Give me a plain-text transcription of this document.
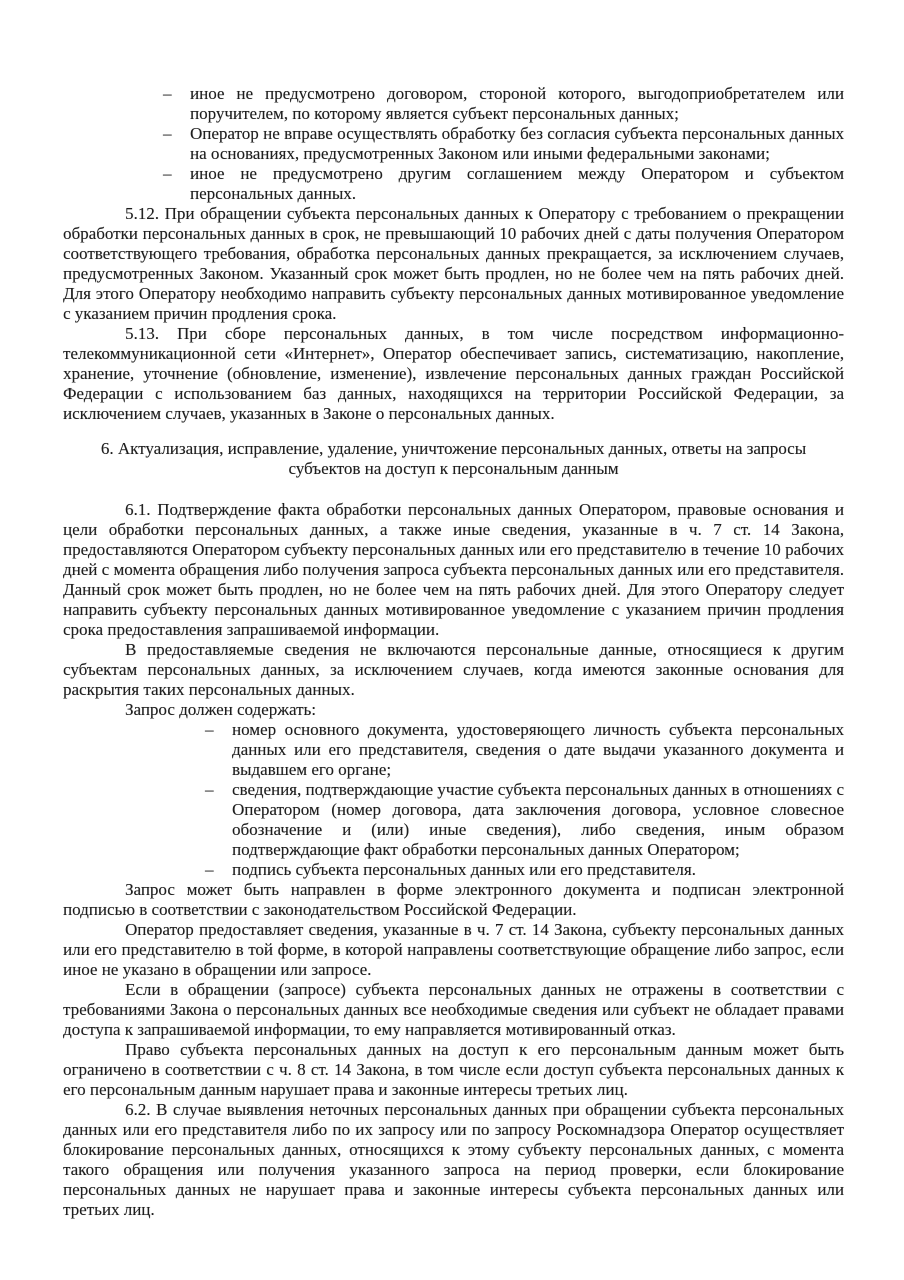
– иное не предусмотрено договором, стороной которого, выгодоприобретателем или поручителем, по которому является субъект персональных данных;
– Оператор не вправе осуществлять обработку без согласия субъекта персональных данных на основаниях, предусмотренных Законом или иными федеральными законами;
– иное не предусмотрено другим соглашением между Оператором и субъектом персональных данных.

5.12. При обращении субъекта персональных данных к Оператору с требованием о прекращении обработки персональных данных в срок, не превышающий 10 рабочих дней с даты получения Оператором соответствующего требования, обработка персональных данных прекращается, за исключением случаев, предусмотренных Законом. Указанный срок может быть продлен, но не более чем на пять рабочих дней. Для этого Оператору необходимо направить субъекту персональных данных мотивированное уведомление с указанием причин продления срока.

5.13. При сборе персональных данных, в том числе посредством информационно-телекоммуникационной сети «Интернет», Оператор обеспечивает запись, систематизацию, накопление, хранение, уточнение (обновление, изменение), извлечение персональных данных граждан Российской Федерации с использованием баз данных, находящихся на территории Российской Федерации, за исключением случаев, указанных в Законе о персональных данных.

6. Актуализация, исправление, удаление, уничтожение персональных данных, ответы на запросы
субъектов на доступ к персональным данным

6.1. Подтверждение факта обработки персональных данных Оператором, правовые основания и цели обработки персональных данных, а также иные сведения, указанные в ч. 7 ст. 14 Закона, предоставляются Оператором субъекту персональных данных или его представителю в течение 10 рабочих дней с момента обращения либо получения запроса субъекта персональных данных или его представителя. Данный срок может быть продлен, но не более чем на пять рабочих дней. Для этого Оператору следует направить субъекту персональных данных мотивированное уведомление с указанием причин продления срока предоставления запрашиваемой информации.

В предоставляемые сведения не включаются персональные данные, относящиеся к другим субъектам персональных данных, за исключением случаев, когда имеются законные основания для раскрытия таких персональных данных.

Запрос должен содержать:

– номер основного документа, удостоверяющего личность субъекта персональных данных или его представителя, сведения о дате выдачи указанного документа и выдавшем его органе;
– сведения, подтверждающие участие субъекта персональных данных в отношениях с Оператором (номер договора, дата заключения договора, условное словесное обозначение и (или) иные сведения), либо сведения, иным образом подтверждающие факт обработки персональных данных Оператором;
– подпись субъекта персональных данных или его представителя.

Запрос может быть направлен в форме электронного документа и подписан электронной подписью в соответствии с законодательством Российской Федерации.

Оператор предоставляет сведения, указанные в ч. 7 ст. 14 Закона, субъекту персональных данных или его представителю в той форме, в которой направлены соответствующие обращение либо запрос, если иное не указано в обращении или запросе.

Если в обращении (запросе) субъекта персональных данных не отражены в соответствии с требованиями Закона о персональных данных все необходимые сведения или субъект не обладает правами доступа к запрашиваемой информации, то ему направляется мотивированный отказ.

Право субъекта персональных данных на доступ к его персональным данным может быть ограничено в соответствии с ч. 8 ст. 14 Закона, в том числе если доступ субъекта персональных данных к его персональным данным нарушает права и законные интересы третьих лиц.

6.2. В случае выявления неточных персональных данных при обращении субъекта персональных данных или его представителя либо по их запросу или по запросу Роскомнадзора Оператор осуществляет блокирование персональных данных, относящихся к этому субъекту персональных данных, с момента такого обращения или получения указанного запроса на период проверки, если блокирование персональных данных не нарушает права и законные интересы субъекта персональных данных или третьих лиц.
